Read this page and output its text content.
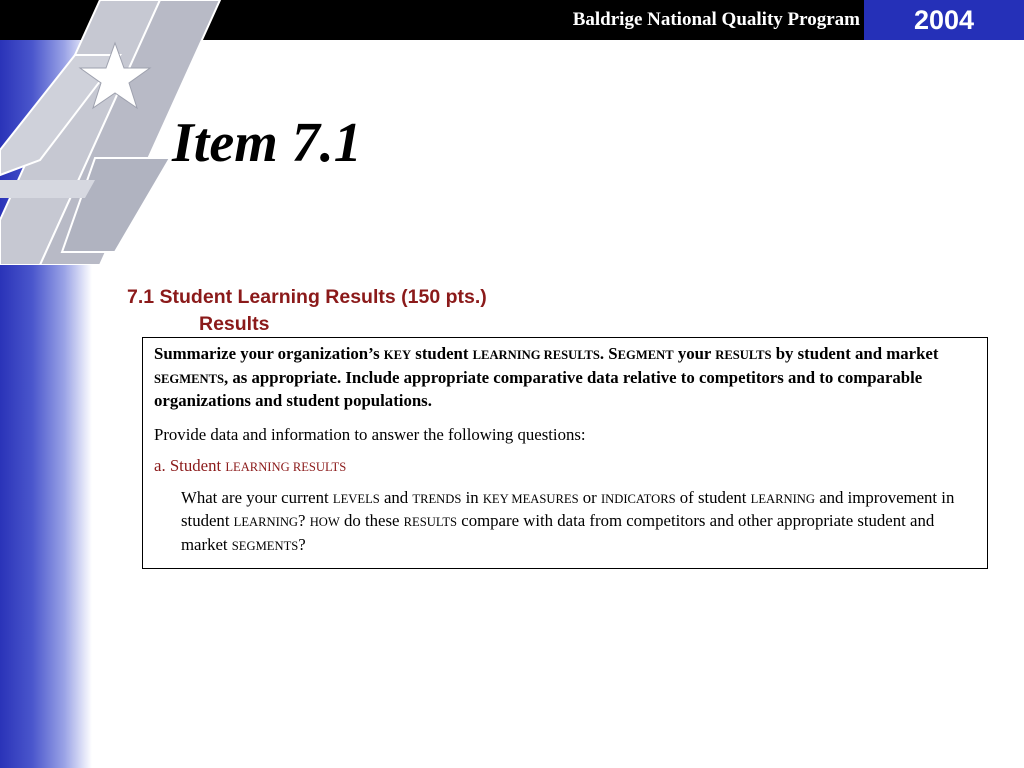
Baldrige National Quality Program	2004
Item 7.1
7.1 Student Learning Results (150 pts.)
Results

Summarize your organization’s KEY student LEARNING RESULTS. SEGMENT your RESULTS by student and market SEGMENTS, as appropriate. Include appropriate comparative data relative to competitors and to comparable organizations and student populations.

Provide data and information to answer the following questions:

a. Student LEARNING RESULTS

What are your current LEVELS and TRENDS in KEY MEASURES or INDICATORS of student LEARNING and improvement in student LEARNING? HOW do these RESULTS compare with data from competitors and other appropriate student and market SEGMENTS?
